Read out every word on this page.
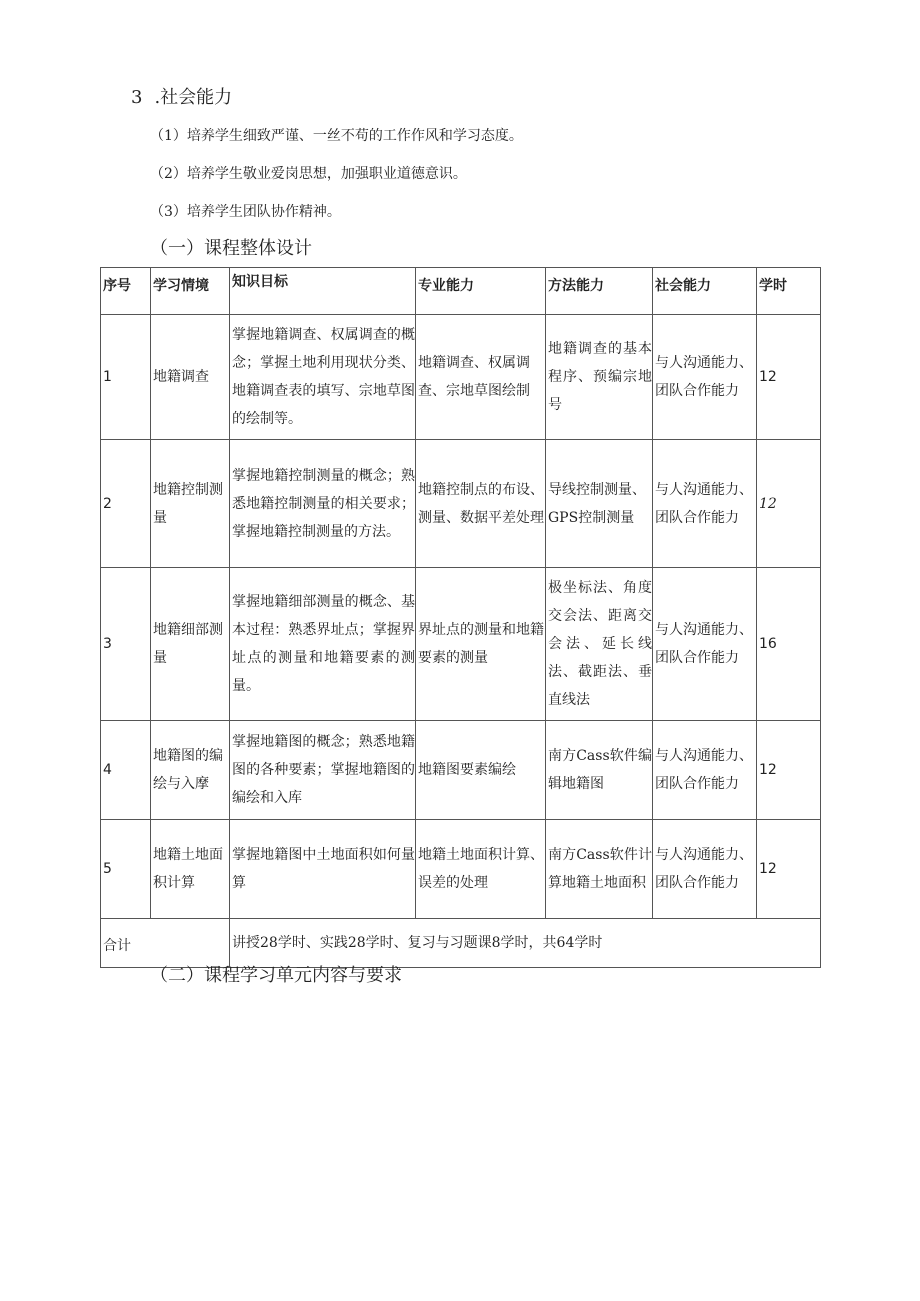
3 .社会能力
（1）培养学生细致严谨、一丝不苟的工作作风和学习态度。
（2）培养学生敬业爱岗思想，加强职业道德意识。
（3）培养学生团队协作精神。
（一）课程整体设计
序号	学习情境	知识目标	专业能力	方法能力	社会能力	学时
1	地籍调查	掌握地籍调查、权属调查的概念；掌握土地利用现状分类、地籍调查表的填写、宗地草图的绘制等。	地籍调查、权属调查、宗地草图绘制	地籍调查的基本程序、预编宗地号	与人沟通能力、团队合作能力	12
2	地籍控制测量	掌握地籍控制测量的概念；熟悉地籍控制测量的相关要求；掌握地籍控制测量的方法。	地籍控制点的布设、测量、数据平差处理	导线控制测量、GPS控制测量	与人沟通能力、团队合作能力	12
3	地籍细部测量	掌握地籍细部测量的概念、基本过程：熟悉界址点；掌握界址点的测量和地籍要素的测量。	界址点的测量和地籍要素的测量	极坐标法、角度交会法、距离交会法、延长线法、截距法、垂直线法	与人沟通能力、团队合作能力	16
4	地籍图的编绘与入摩	掌握地籍图的概念；熟悉地籍图的各种要素；掌握地籍图的编绘和入库	地籍图要素编绘	南方Cass软件编辑地籍图	与人沟通能力、团队合作能力	12
5	地籍土地面积计算	掌握地籍图中土地面积如何量算	地籍土地面积计算、误差的处理	南方Cass软件计算地籍土地面积	与人沟通能力、团队合作能力	12
合计		讲授28学时、实践28学时、复习与习题课8学时，共64学时				
（二）课程学习单元内容与要求
